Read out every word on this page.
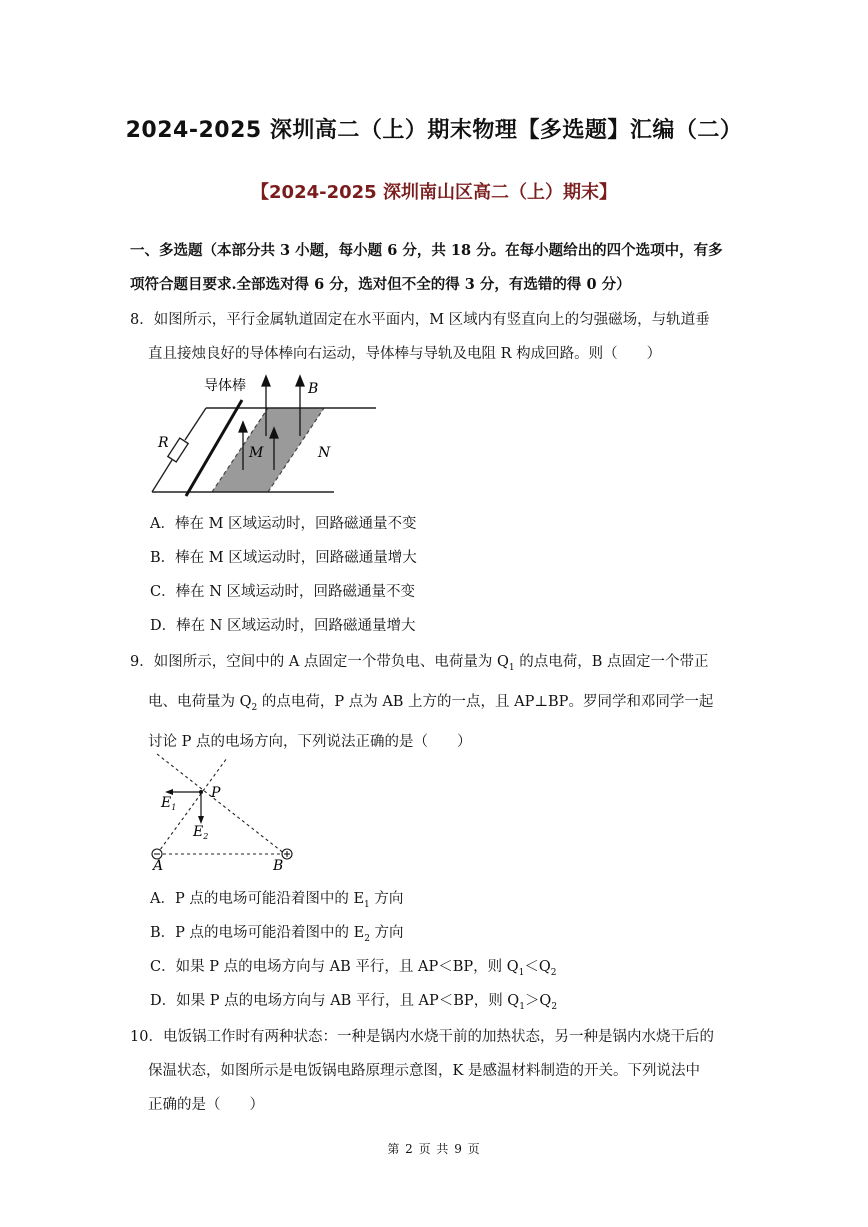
2024-2025 深圳高二（上）期末物理【多选题】汇编（二）
【2024-2025 深圳南山区高二（上）期末】
一、多选题（本部分共 3 小题，每小题 6 分，共 18 分。在每小题给出的四个选项中，有多
项符合题目要求.全部选对得 6 分，选对但不全的得 3 分，有选错的得 0 分）
8．如图所示，平行金属轨道固定在水平面内，M 区域内有竖直向上的匀强磁场，与轨道垂
直且接烛良好的导体棒向右运动，导体棒与导轨及电阻 R 构成回路。则（　　）
导体棒	B
R
M	N
A．棒在 M 区域运动时，回路磁通量不变
B．棒在 M 区域运动时，回路磁通量增大
C．棒在 N 区域运动时，回路磁通量不变
D．棒在 N 区域运动时，回路磁通量增大
9．如图所示，空间中的 A 点固定一个带负电、电荷量为 $Q_1$ 的点电荷，B 点固定一个带正
电、电荷量为 $Q_2$ 的点电荷，P 点为 AB 上方的一点，且 AP⊥BP。罗同学和邓同学一起
讨论 P 点的电场方向，下列说法正确的是（　　）
$E_1$
$E_2$
P
A	B
A．P 点的电场可能沿着图中的 $E_1$ 方向
B．P 点的电场可能沿着图中的 $E_2$ 方向
C．如果 P 点的电场方向与 AB 平行，且 AP＜BP，则 $Q_1<Q_2$
D．如果 P 点的电场方向与 AB 平行，且 AP＜BP，则 $Q_1>Q_2$
10．电饭锅工作时有两种状态：一种是锅内水烧干前的加热状态，另一种是锅内水烧干后的
保温状态，如图所示是电饭锅电路原理示意图，K 是感温材料制造的开关。下列说法中
正确的是（　　）
第 2 页 共 9 页
